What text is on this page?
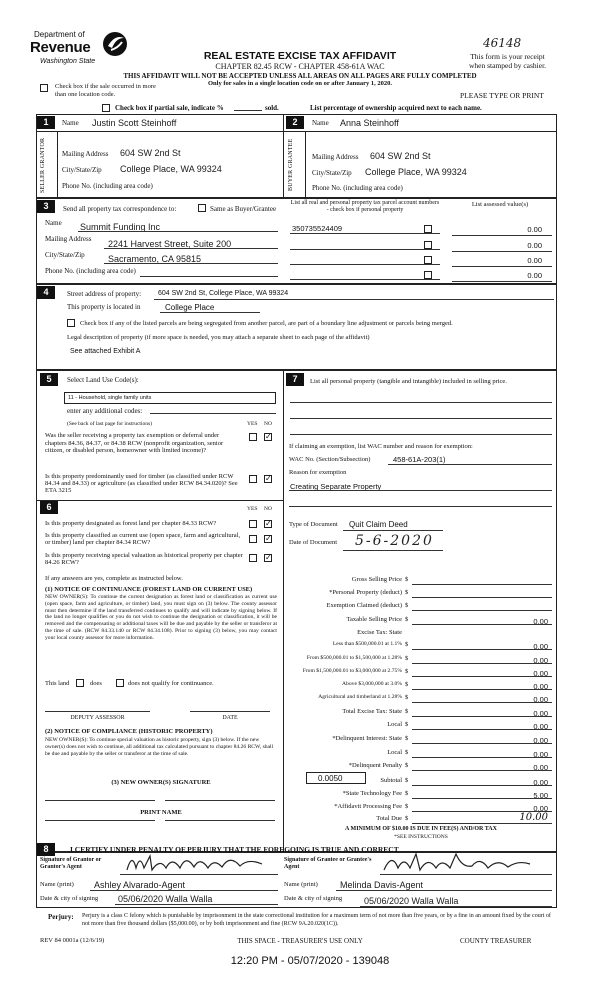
Department of
Revenue
Washington State	REAL ESTATE EXCISE TAX AFFIDAVIT
CHAPTER 82.45 RCW - CHAPTER 458-61A WAC
46148
This form is your receipt
when stamped by cashier.
THIS AFFIDAVIT WILL NOT BE ACCEPTED UNLESS ALL AREAS ON ALL PAGES ARE FULLY COMPLETED
Only for sales in a single location code on or after January 1, 2020.
Check box if the sale occurred in more than one location code.	PLEASE TYPE OR PRINT
Check box if partial sale, indicate %	sold.	List percentage of ownership acquired next to each name.
1	Name Justin Scott Steinhoff
SELLER GRANTOR	Mailing Address 604 SW 2nd St
City/State/Zip College Place, WA 99324
Phone No. (including area code)
2	Name Anna Steinhoff
BUYER GRANTEE	Mailing Address 604 SW 2nd St
City/State/Zip College Place, WA 99324
Phone No. (including area code)
3	Send all property tax correspondence to:	Same as Buyer/Grantee
List all real and personal property tax parcel account numbers - check box if personal property
List assessed value(s)
Name Summit Funding Inc
Mailing Address 2241 Harvest Street, Suite 200
City/State/Zip	Sacramento, CA 95815
Phone No. (including area code)
350735524409	0.00
0.00
0.00
0.00
4	Street address of property: 604 SW 2nd St, College Place, WA 99324
This property is located in	College Place
Check box if any of the listed parcels are being segregated from another parcel, are part of a boundary line adjustment or parcels being merged.
Legal description of property (if more space is needed, you may attach a separate sheet to each page of the affidavit)
See attached Exhibit A
5	Select Land Use Code(s):
11 - Household, single family units
enter any additional codes:
(See back of last page for instructions)	YES NO
Was the seller receiving a property tax exemption or deferral under chapters 84.36, 84.37, or 84.38 RCW (nonprofit organization, senior citizen, or disabled person, homeowner with limited income)?
✓
Is this property predominantly used for timber (as classified under RCW 84.34 and 84.33) or agriculture (as classified under RCW 84.34.020)? See ETA 3215
✓
6	YES NO
Is this property designated as forest land per chapter 84.33 RCW?	✓
Is this property classified as current use (open space, farm and agricultural, or timber) land per chapter 84.34 RCW?	✓
Is this property receiving special valuation as historical property per chapter 84.26 RCW?
✓
If any answers are yes, complete as instructed below.
(1) NOTICE OF CONTINUANCE (FOREST LAND OR CURRENT USE)
NEW OWNER(S): To continue the current designation as forest land or classification as current use (open space, farm and agriculture, or timber) land, you must sign on (3) below. The county assessor must then determine if the land transferred continues to qualify and will indicate by signing below. If the land no longer qualifies or you do not wish to continue the designation or classification, it will be removed and the compensating or additional taxes will be due and payable by the seller or transferor at the time of sale. (RCW 84.33.140 or RCW 84.34.108). Prior to signing (3) below, you may contact your local county assessor for more information.
This land	does	does not qualify for continuance.
DEPUTY ASSESSOR	DATE
(2) NOTICE OF COMPLIANCE (HISTORIC PROPERTY)
NEW OWNER(S): To continue special valuation as historic property, sign (3) below. If the new owner(s) does not wish to continue, all additional tax calculated pursuant to chapter 84.26 RCW, shall be due and payable by the seller or transferor at the time of sale.
(3) NEW OWNER(S) SIGNATURE
PRINT NAME
7	List all personal property (tangible and intangible) included in selling price.
If claiming an exemption, list WAC number and reason for exemption:
WAC No. (Section/Subsection)	458-61A-203(1)
Reason for exemption
Creating Separate Property
Type of Document Quit Claim Deed
Date of Document 5-6-2020
Gross Selling Price $
*Personal Property (deduct) $
Exemption Claimed (deduct) $
Taxable Selling Price $	0.00
Excise Tax: State
Less than $500,000.01 at 1.1% $	0.00
From $500,000.01 to $1,500,000 at 1.28% $	0.00
From $1,500,000.01 to $3,000,000 at 2.75% $	0.00
Above $3,000,000 at 3.0% $	0.00
Agricultural and timberland at 1.28% $	0.00
Total Excise Tax: State $	0.00
Local $	0.00
*Delinquent Interest: State $	0.00
Local $	0.00
*Delinquent Penalty $	0.00
Subtotal $	0.00
*State Technology Fee $	5.00
*Affidavit Processing Fee $	0.00
Total Due $	10.00
0.0050
A MINIMUM OF $10.00 IS DUE IN FEE(S) AND/OR TAX
*SEE INSTRUCTIONS
8	I CERTIFY UNDER PENALTY OF PERJURY THAT THE FOREGOING IS TRUE AND CORRECT
Signature of Grantor or Grantor's Agent
Signature of Grantee or Grantee's Agent
Name (print) Ashley Alvarado-Agent	Name (print) Melinda Davis-Agent
Date & city of signing 05/06/2020 Walla Walla	Date & city of signing 05/06/2020 Walla Walla
Perjury: Perjury is a class C felony which is punishable by imprisonment in the state correctional institution for a maximum term of not more than five years, or by a fine in an amount fixed by the court of not more than five thousand dollars ($5,000.00), or by both imprisonment and fine (RCW 9A.20.020(1C)).
REV 84 0001a (12/6/19)	THIS SPACE - TREASURER'S USE ONLY	COUNTY TREASURER
12:20 PM - 05/07/2020 - 139048
